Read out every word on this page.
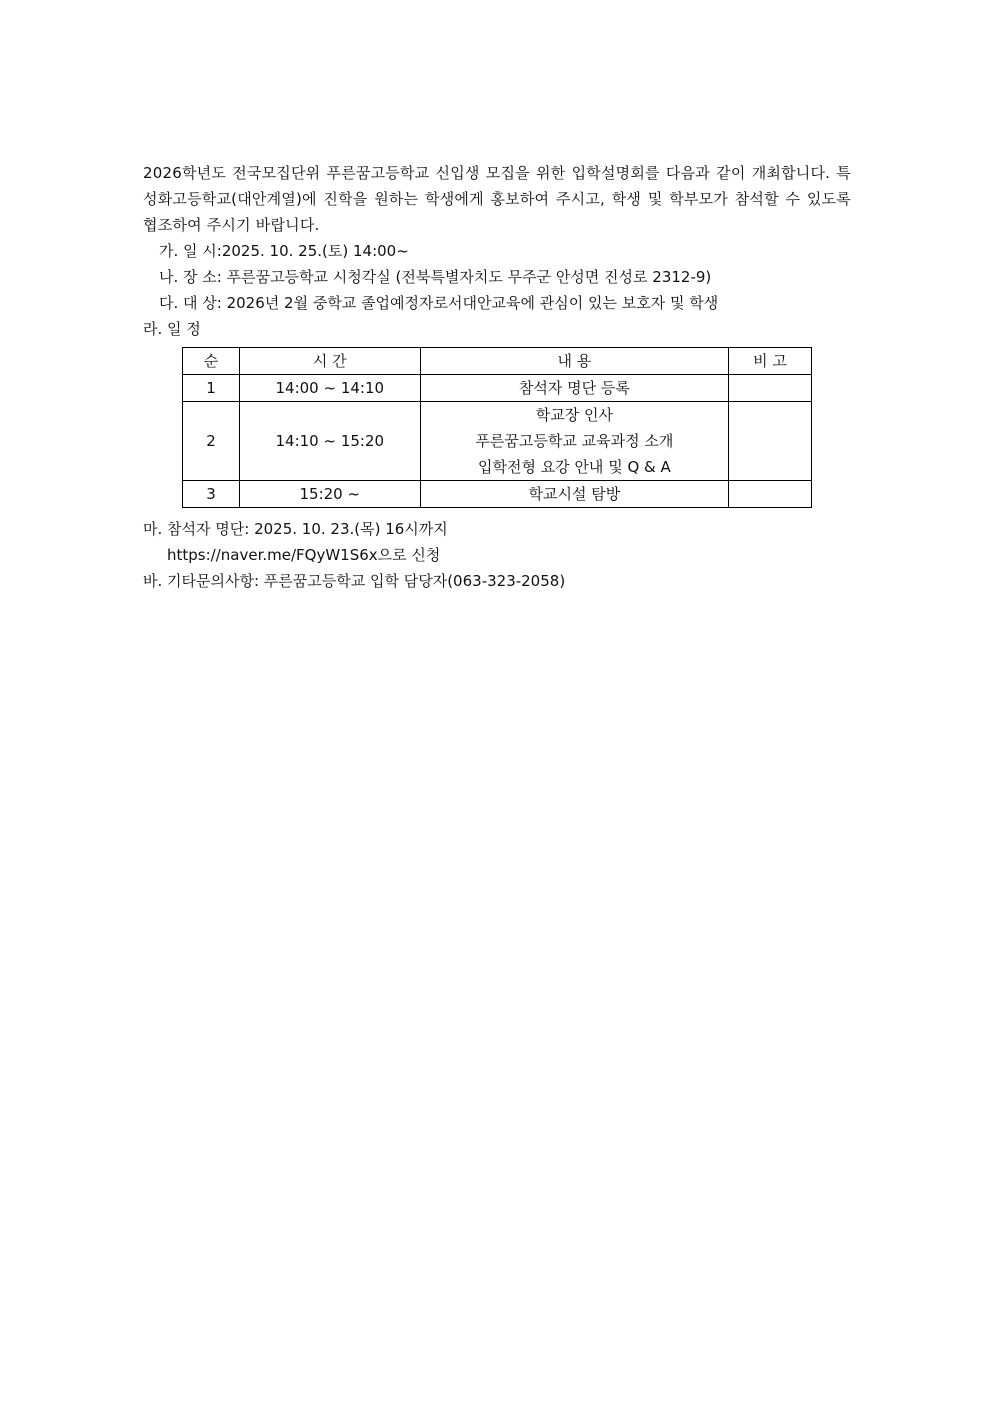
2026학년도 전국모집단위 푸른꿈고등학교 신입생 모집을 위한 입학설명회를 다음과 같이 개최합니다. 특성화고등학교(대안계열)에 진학을 원하는 학생에게 홍보하여 주시고, 학생 및 학부모가 참석할 수 있도록 협조하여 주시기 바랍니다.

가. 일 시:2025. 10. 25.(토) 14:00~

나. 장 소: 푸른꿈고등학교 시청각실 (전북특별자치도 무주군 안성면 진성로 2312-9)

다. 대 상: 2026년 2월 중학교 졸업예정자로서대안교육에 관심이 있는 보호자 및 학생

라. 일 정

순	시 간	내 용	비 고
1	14:00 ~ 14:10	참석자 명단 등록	

2	14:10 ~ 15:20	학교장 인사
푸른꿈고등학교 교육과정 소개
입학전형 요강 안내 및 Q & A	

3	15:20 ~	학교시설 탐방	

마. 참석자 명단: 2025. 10. 23.(목) 16시까지

https://naver.me/FQyW1S6x으로 신청

바. 기타문의사항: 푸른꿈고등학교 입학 담당자(063-323-2058)
